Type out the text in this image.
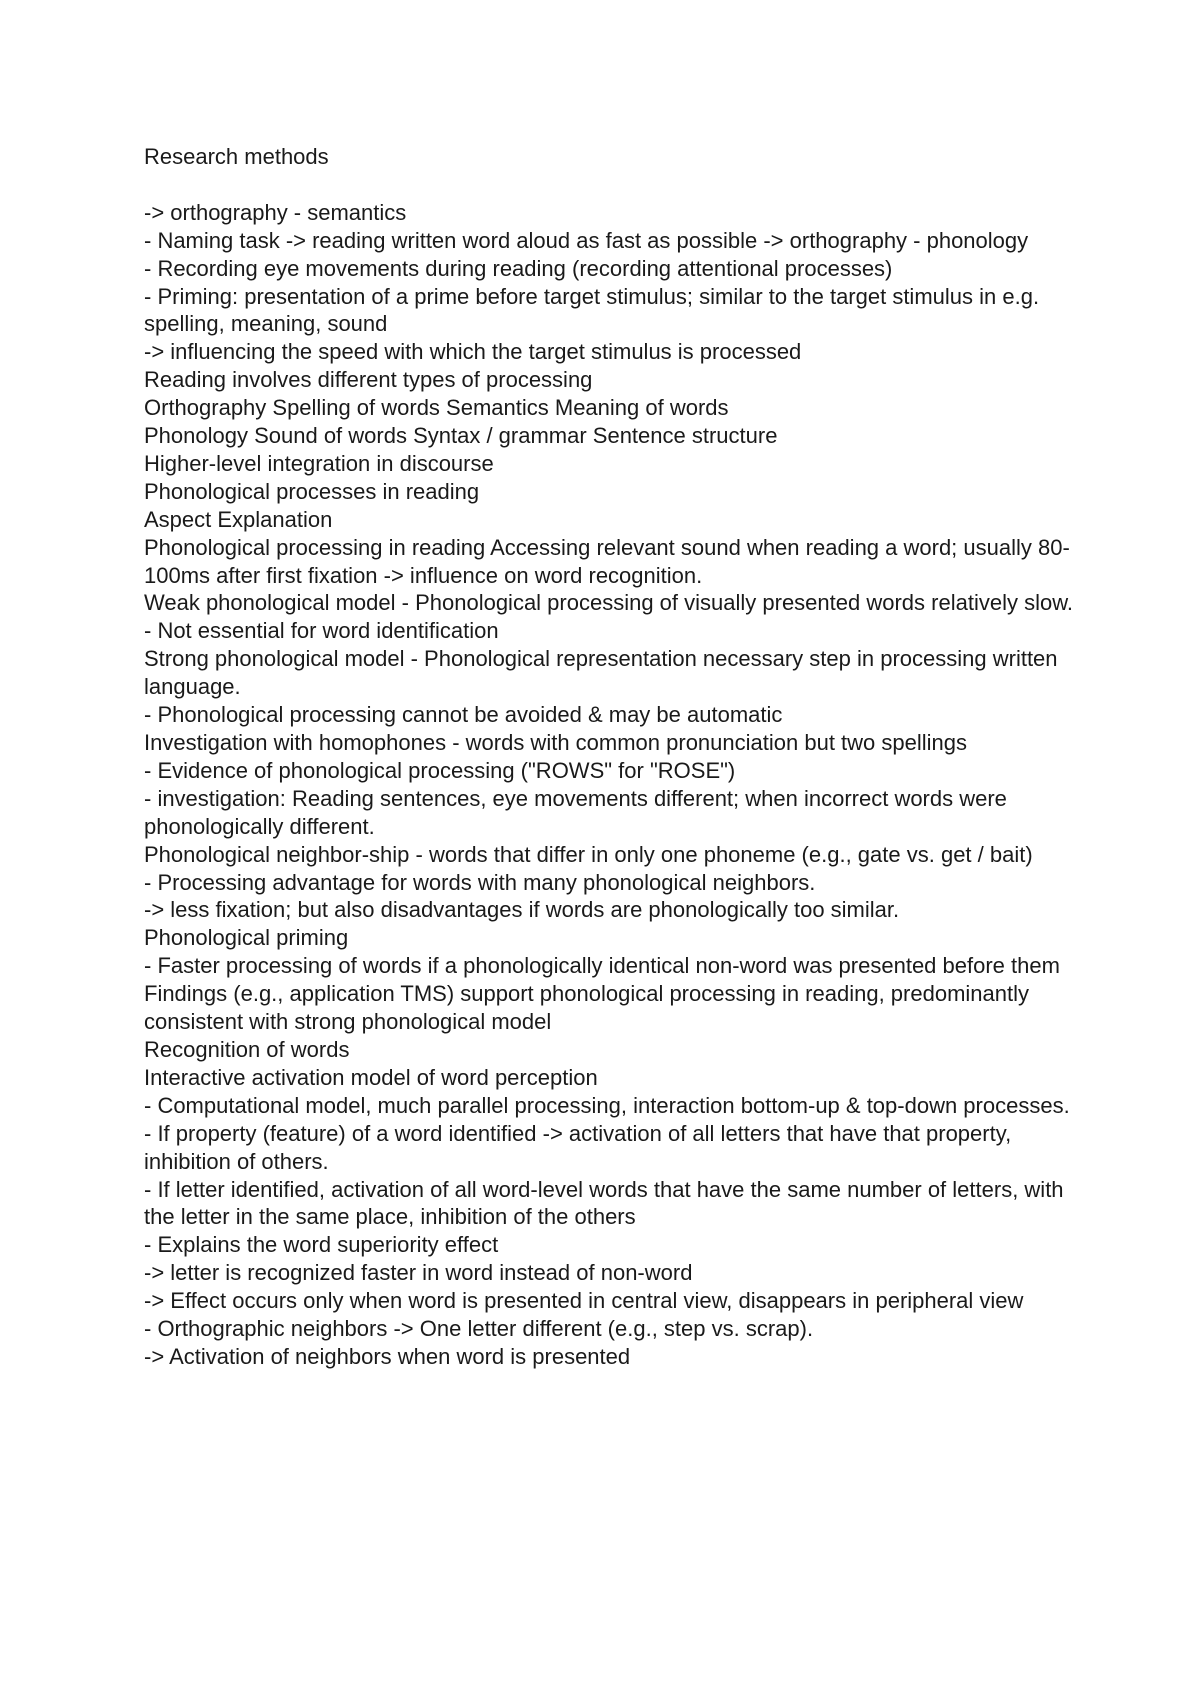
Research methods

-> orthography - semantics

- Naming task -> reading written word aloud as fast as possible -> orthography - phonology

- Recording eye movements during reading (recording attentional processes)

- Priming: presentation of a prime before target stimulus; similar to the target stimulus in e.g. spelling, meaning, sound

-> influencing the speed with which the target stimulus is processed

Reading involves different types of processing

Orthography Spelling of words Semantics Meaning of words

Phonology Sound of words Syntax / grammar Sentence structure

Higher-level integration in discourse

Phonological processes in reading

Aspect Explanation

Phonological processing in reading Accessing relevant sound when reading a word; usually 80-100ms after first fixation -> influence on word recognition.

Weak phonological model - Phonological processing of visually presented words relatively slow.

- Not essential for word identification

Strong phonological model - Phonological representation necessary step in processing written language.

- Phonological processing cannot be avoided & may be automatic

Investigation with homophones - words with common pronunciation but two spellings

- Evidence of phonological processing ("ROWS" for "ROSE")

- investigation: Reading sentences, eye movements different; when incorrect words were phonologically different.

Phonological neighbor-ship - words that differ in only one phoneme (e.g., gate vs. get / bait)

- Processing advantage for words with many phonological neighbors.

-> less fixation; but also disadvantages if words are phonologically too similar.

Phonological priming

- Faster processing of words if a phonologically identical non-word was presented before them

Findings (e.g., application TMS) support phonological processing in reading, predominantly consistent with strong phonological model

Recognition of words

Interactive activation model of word perception

- Computational model, much parallel processing, interaction bottom-up & top-down processes.

- If property (feature) of a word identified -> activation of all letters that have that property, inhibition of others.

- If letter identified, activation of all word-level words that have the same number of letters, with the letter in the same place, inhibition of the others

- Explains the word superiority effect

-> letter is recognized faster in word instead of non-word

-> Effect occurs only when word is presented in central view, disappears in peripheral view

- Orthographic neighbors -> One letter different (e.g., step vs. scrap).

-> Activation of neighbors when word is presented
